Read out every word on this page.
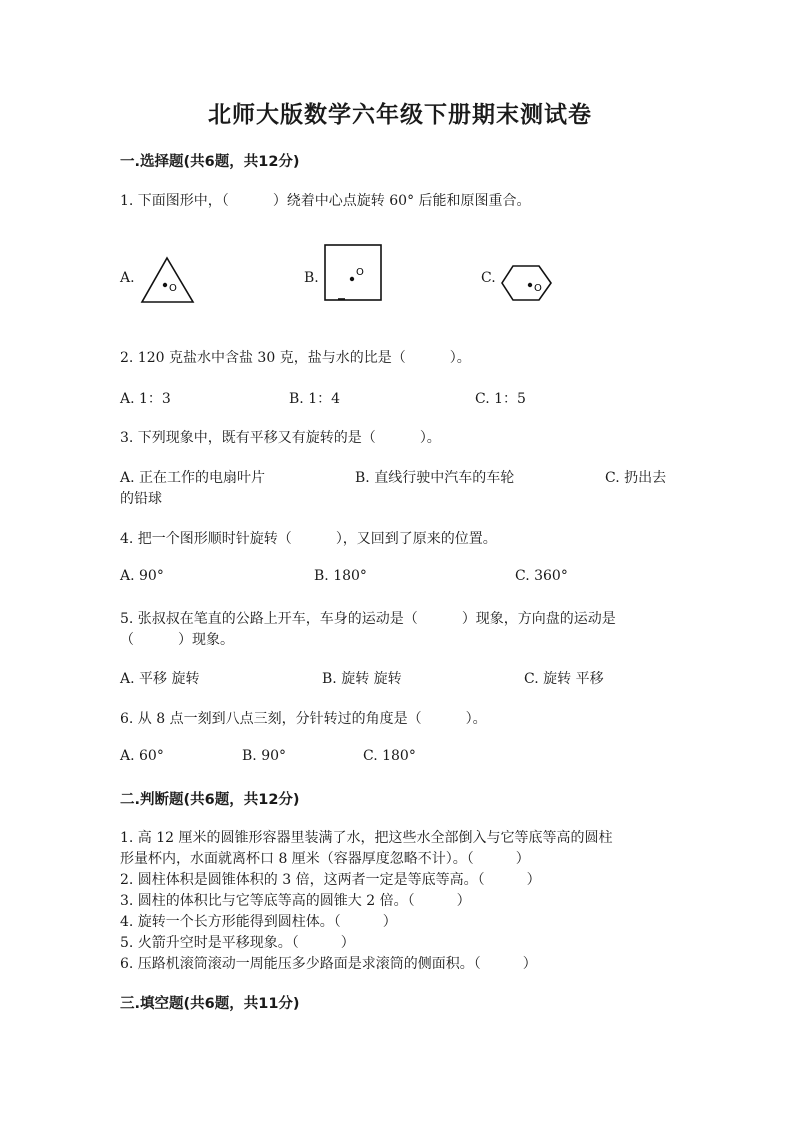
北师大版数学六年级下册期末测试卷
一.选择题(共6题，共12分)
1. 下面图形中，（	）绕着中心点旋转 60° 后能和原图重合。
A.
O
B.	O	C.
O
2. 120 克盐水中含盐 30 克，盐与水的比是（	）。
A. 1：3	B. 1：4	C. 1：5
3. 下列现象中，既有平移又有旋转的是（	）。
A. 正在工作的电扇叶片	B. 直线行驶中汽车的车轮	C. 扔出去
的铅球
4. 把一个图形顺时针旋转（	），又回到了原来的位置。
A. 90°	B. 180°	C. 360°
5. 张叔叔在笔直的公路上开车，车身的运动是（	）现象，方向盘的运动是
（	）现象。
A. 平移 旋转	B. 旋转 旋转	C. 旋转 平移
6. 从 8 点一刻到八点三刻，分针转过的角度是（	）。
A. 60°	B. 90°	C. 180°
二.判断题(共6题，共12分)
1. 高 12 厘米的圆锥形容器里装满了水，把这些水全部倒入与它等底等高的圆柱
形量杯内，水面就离杯口 8 厘米（容器厚度忽略不计）。（　　　）
2. 圆柱体积是圆锥体积的 3 倍，这两者一定是等底等高。（　　　）
3. 圆柱的体积比与它等底等高的圆锥大 2 倍。（　　　）
4. 旋转一个长方形能得到圆柱体。（　　　）
5. 火箭升空时是平移现象。（　　　）
6. 压路机滚筒滚动一周能压多少路面是求滚筒的侧面积。（　　　）
三.填空题(共6题，共11分)
